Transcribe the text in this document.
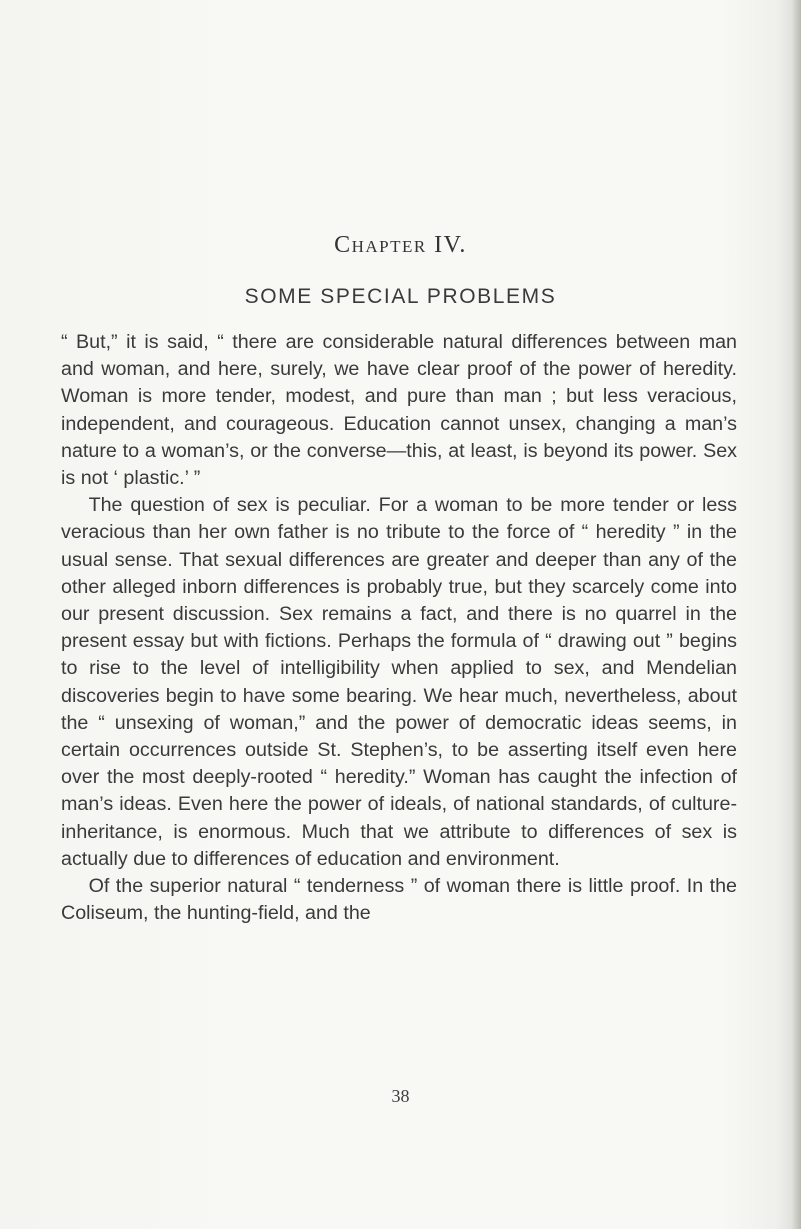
Chapter IV.
SOME SPECIAL PROBLEMS

“ But,” it is said, “ there are considerable natural differences between man and woman, and here, surely, we have clear proof of the power of heredity. Woman is more tender, modest, and pure than man ; but less veracious, independent, and courageous. Education cannot unsex, changing a man’s nature to a woman’s, or the converse—this, at least, is beyond its power. Sex is not ‘ plastic.’ ”

The question of sex is peculiar. For a woman to be more tender or less veracious than her own father is no tribute to the force of “ heredity ” in the usual sense. That sexual differences are greater and deeper than any of the other alleged inborn differences is probably true, but they scarcely come into our present discussion. Sex remains a fact, and there is no quarrel in the present essay but with fictions. Perhaps the formula of “ drawing out ” begins to rise to the level of intelligibility when applied to sex, and Mendelian discoveries begin to have some bearing. We hear much, nevertheless, about the “ unsexing of woman,” and the power of democratic ideas seems, in certain occurrences outside St. Stephen’s, to be asserting itself even here over the most deeply-rooted “ heredity.” Woman has caught the infection of man’s ideas. Even here the power of ideals, of national standards, of culture-inheritance, is enormous. Much that we attribute to differences of sex is actually due to differences of education and environment.

Of the superior natural “ tenderness ” of woman there is little proof. In the Coliseum, the hunting-field, and the

38
